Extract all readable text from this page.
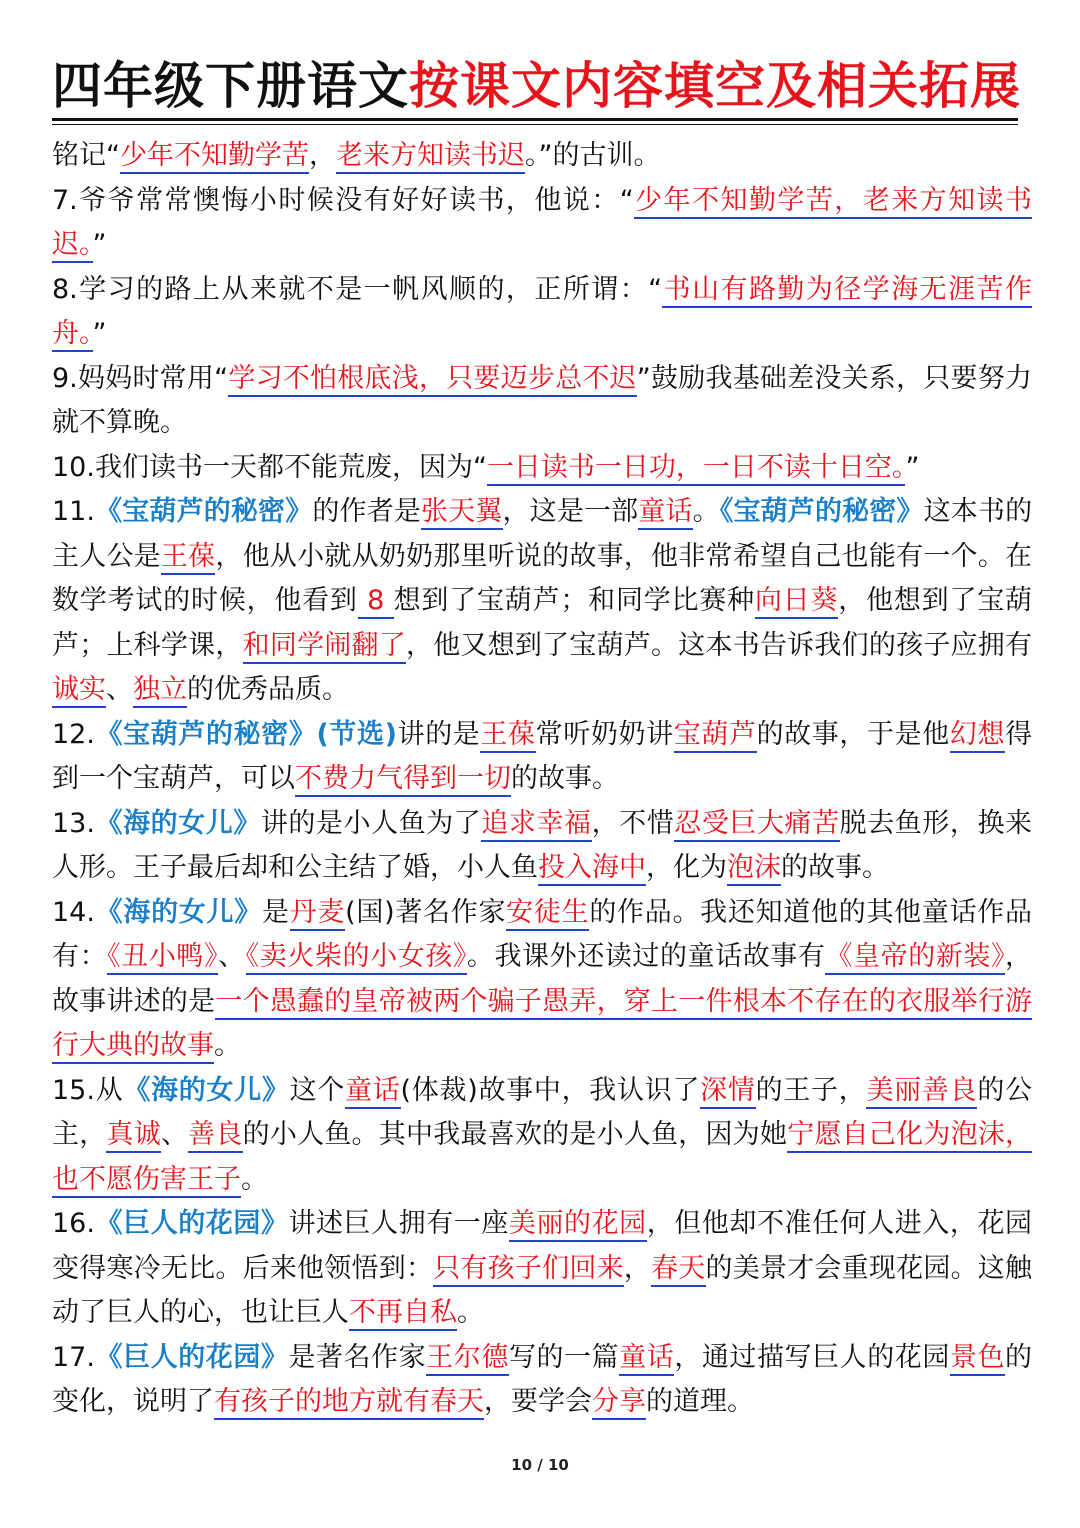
四年级下册语文按课文内容填空及相关拓展

铭记“少年不知勤学苦，老来方知读书迟。”的古训。

7.爷爷常常懊悔小时候没有好好读书，他说：“少年不知勤学苦，老来方知读书迟。”

8.学习的路上从来就不是一帆风顺的，正所谓：“书山有路勤为径学海无涯苦作舟。”

9.妈妈时常用“学习不怕根底浅，只要迈步总不迟”鼓励我基础差没关系，只要努力就不算晚。

10.我们读书一天都不能荒废，因为“一日读书一日功，一日不读十日空。”

11.《宝葫芦的秘密》的作者是张天翼，这是一部童话。《宝葫芦的秘密》这本书的主人公是王葆，他从小就从奶奶那里听说的故事，他非常希望自己也能有一个。在数学考试的时候，他看到 8 想到了宝葫芦；和同学比赛种向日葵，他想到了宝葫芦；上科学课，和同学闹翻了，他又想到了宝葫芦。这本书告诉我们的孩子应拥有诚实、独立的优秀品质。

12.《宝葫芦的秘密》(节选)讲的是王葆常听奶奶讲宝葫芦的故事，于是他幻想得到一个宝葫芦，可以不费力气得到一切的故事。

13.《海的女儿》讲的是小人鱼为了追求幸福，不惜忍受巨大痛苦脱去鱼形，换来人形。王子最后却和公主结了婚，小人鱼投入海中，化为泡沫的故事。

14.《海的女儿》是丹麦(国)著名作家安徒生的作品。我还知道他的其他童话作品有：《丑小鸭》、《卖火柴的小女孩》。我课外还读过的童话故事有《皇帝的新装》，故事讲述的是一个愚蠢的皇帝被两个骗子愚弄，穿上一件根本不存在的衣服举行游行大典的故事。

15.从《海的女儿》这个童话(体裁)故事中，我认识了深情的王子，美丽善良的公主，真诚、善良的小人鱼。其中我最喜欢的是小人鱼，因为她宁愿自己化为泡沫，也不愿伤害王子。

16.《巨人的花园》讲述巨人拥有一座美丽的花园，但他却不准任何人进入，花园变得寒冷无比。后来他领悟到：只有孩子们回来，春天的美景才会重现花园。这触动了巨人的心，也让巨人不再自私。

17.《巨人的花园》是著名作家王尔德写的一篇童话，通过描写巨人的花园景色的变化，说明了有孩子的地方就有春天，要学会分享的道理。

10 / 10
